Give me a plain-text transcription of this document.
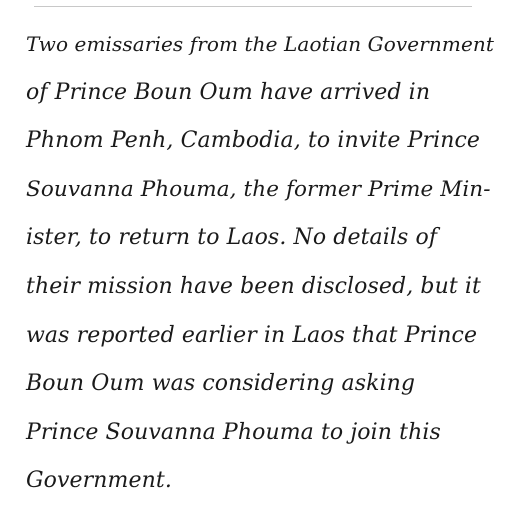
Two emissaries from the Laotian Government
of Prince Boun Oum have arrived in
Phnom Penh, Cambodia, to invite Prince
Souvanna Phouma, the former Prime Min-
ister, to return to Laos. No details of
their mission have been disclosed, but it
was reported earlier in Laos that Prince
Boun Oum was considering asking
Prince Souvanna Phouma to join this
Government.
